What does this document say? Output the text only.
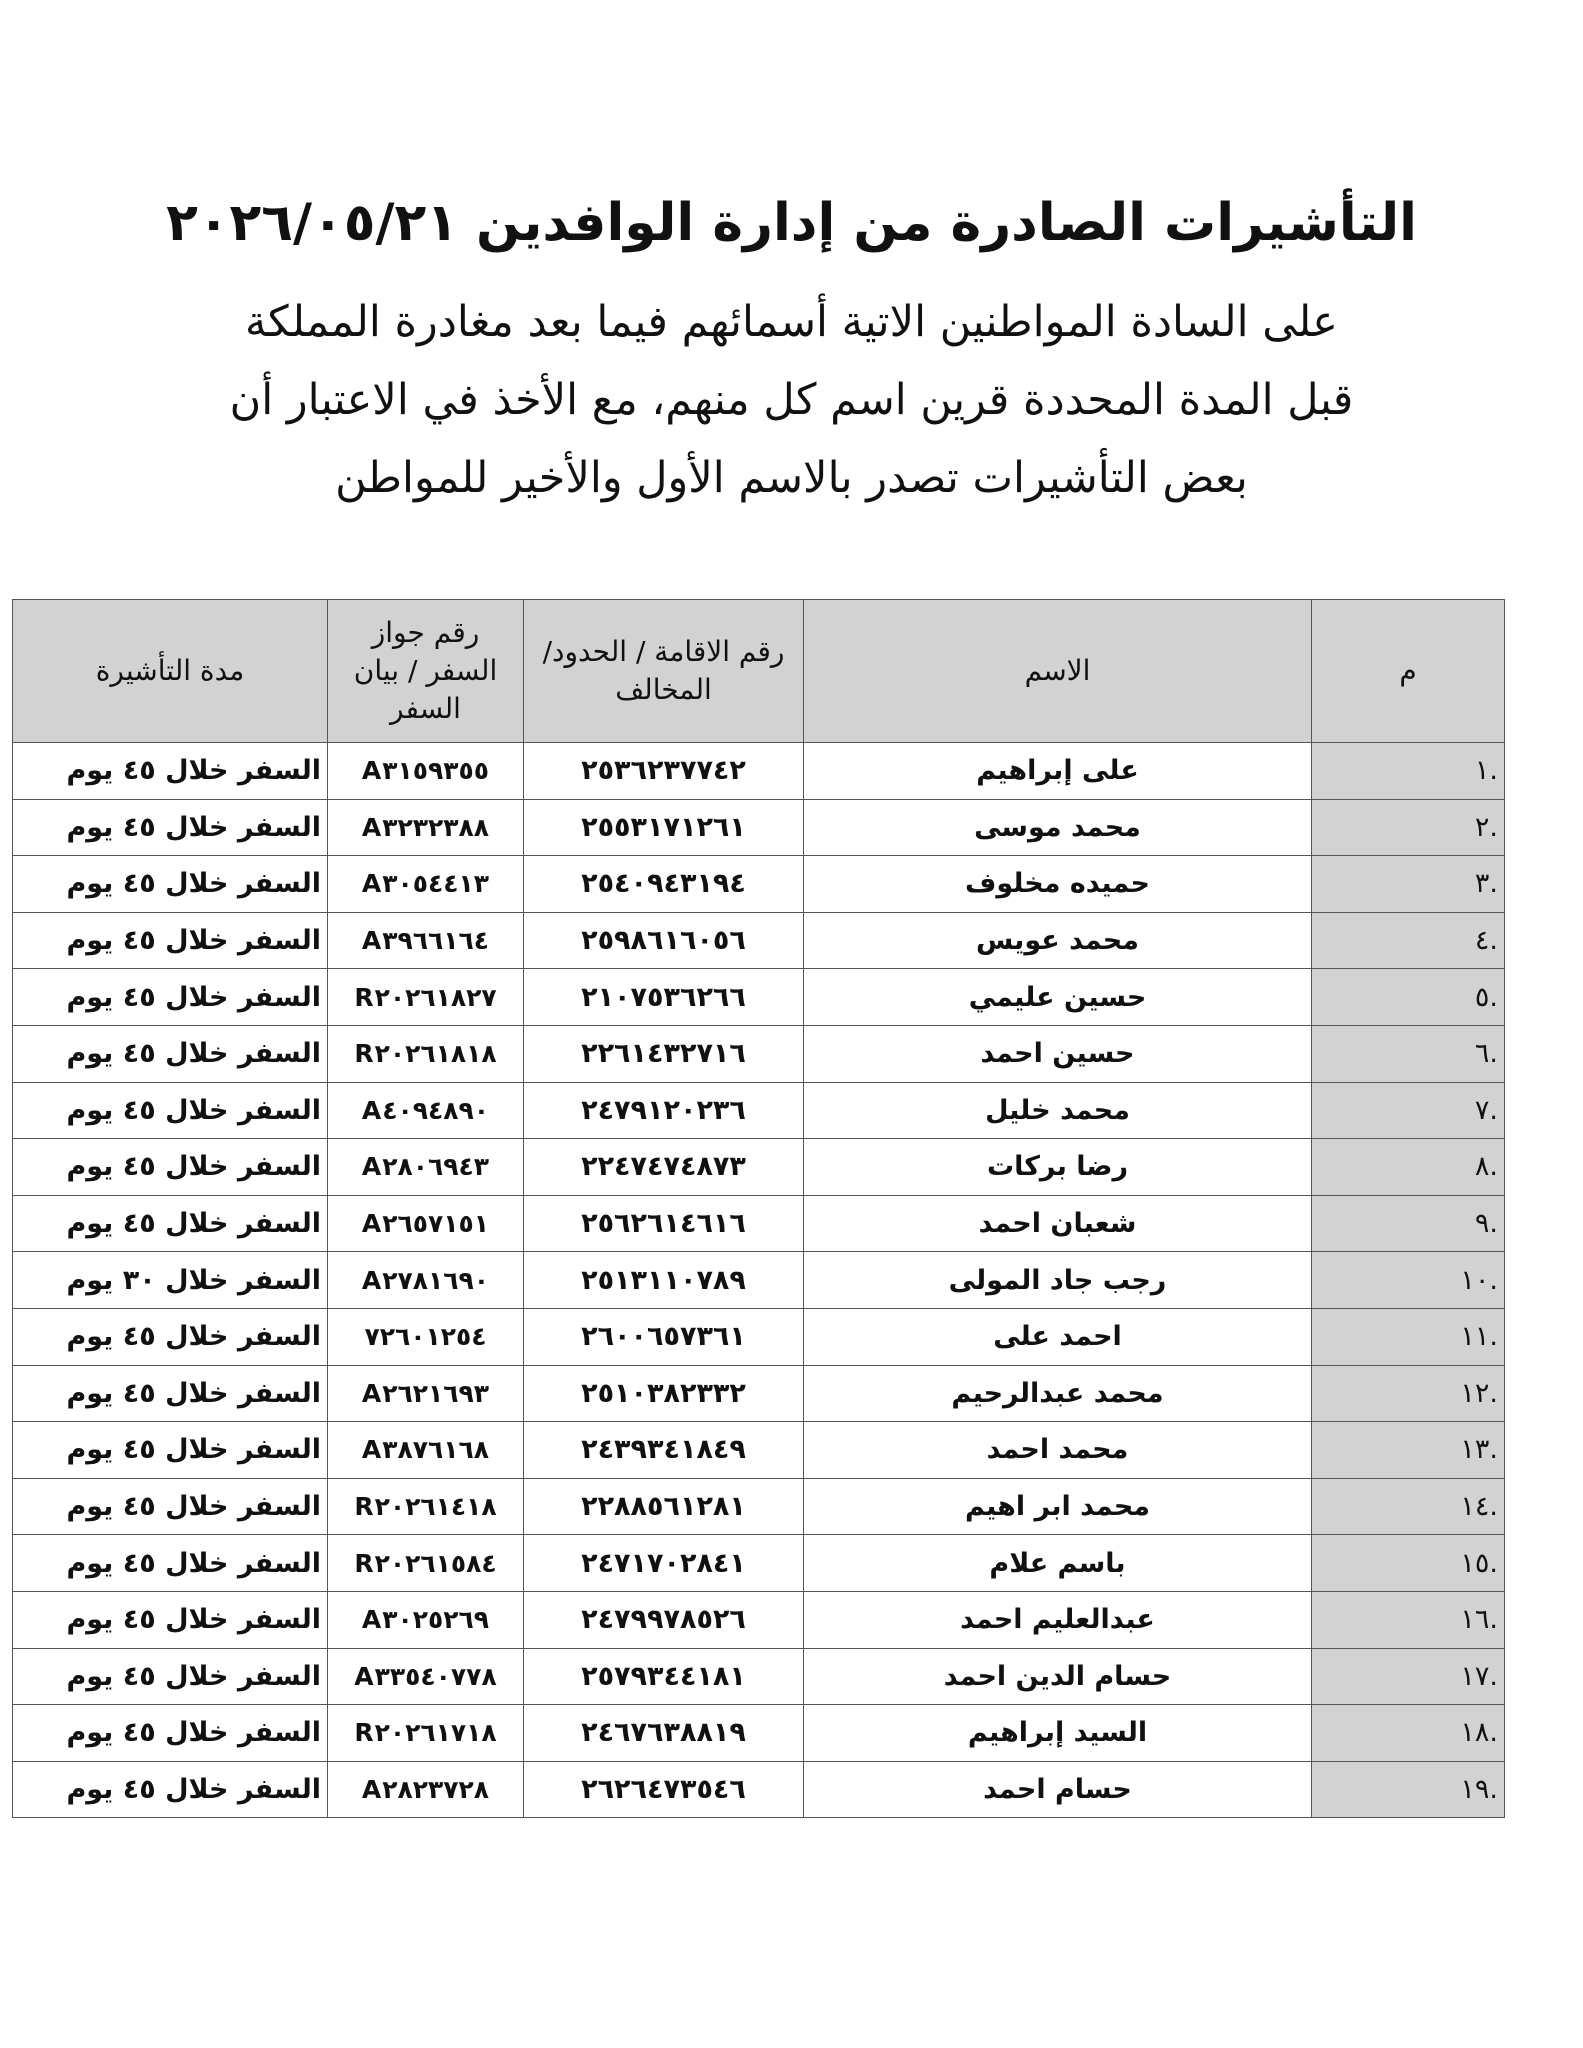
التأشيرات الصادرة من إدارة الوافدين ٢٠٢٦/٠٥/٢١
على السادة المواطنين الاتية أسمائهم فيما بعد مغادرة المملكة
قبل المدة المحددة قرين اسم كل منهم، مع الأخذ في الاعتبار أن
بعض التأشيرات تصدر بالاسم الأول والأخير للمواطن
م	الاسم	رقم الاقامة / الحدود/ المخالف	رقم جواز السفر / بيان السفر	مدة التأشيرة
.١	على إبراهيم	٢٥٣٦٢٣٧٧٤٢	A٣١٥٩٣٥٥	السفر خلال ٤٥ يوم
.٢	محمد موسى	٢٥٥٣١٧١٢٦١	A٣٢٣٢٣٨٨	السفر خلال ٤٥ يوم
.٣	حميده مخلوف	٢٥٤٠٩٤٣١٩٤	A٣٠٥٤٤١٣	السفر خلال ٤٥ يوم
.٤	محمد عويس	٢٥٩٨٦١٦٠٥٦	A٣٩٦٦١٦٤	السفر خلال ٤٥ يوم
.٥	حسين عليمي	٢١٠٧٥٣٦٢٦٦	R٢٠٢٦١٨٢٧	السفر خلال ٤٥ يوم
.٦	حسين احمد	٢٢٦١٤٣٢٧١٦	R٢٠٢٦١٨١٨	السفر خلال ٤٥ يوم
.٧	محمد خليل	٢٤٧٩١٢٠٢٣٦	A٤٠٩٤٨٩٠	السفر خلال ٤٥ يوم
.٨	رضا بركات	٢٢٤٧٤٧٤٨٧٣	A٢٨٠٦٩٤٣	السفر خلال ٤٥ يوم
.٩	شعبان احمد	٢٥٦٢٦١٤٦١٦	A٢٦٥٧١٥١	السفر خلال ٤٥ يوم
.١٠	رجب جاد المولى	٢٥١٣١١٠٧٨٩	A٢٧٨١٦٩٠	السفر خلال ٣٠ يوم
.١١	احمد على	٢٦٠٠٦٥٧٣٦١	٧٢٦٠١٢٥٤	السفر خلال ٤٥ يوم
.١٢	محمد عبدالرحيم	٢٥١٠٣٨٢٣٣٢	A٢٦٢١٦٩٣	السفر خلال ٤٥ يوم
.١٣	محمد احمد	٢٤٣٩٣٤١٨٤٩	A٣٨٧٦١٦٨	السفر خلال ٤٥ يوم
.١٤	محمد ابر اهيم	٢٢٨٨٥٦١٢٨١	R٢٠٢٦١٤١٨	السفر خلال ٤٥ يوم
.١٥	باسم علام	٢٤٧١٧٠٢٨٤١	R٢٠٢٦١٥٨٤	السفر خلال ٤٥ يوم
.١٦	عبدالعليم احمد	٢٤٧٩٩٧٨٥٢٦	A٣٠٢٥٢٦٩	السفر خلال ٤٥ يوم
.١٧	حسام الدين احمد	٢٥٧٩٣٤٤١٨١	A٣٣٥٤٠٧٧٨	السفر خلال ٤٥ يوم
.١٨	السيد إبراهيم	٢٤٦٧٦٣٨٨١٩	R٢٠٢٦١٧١٨	السفر خلال ٤٥ يوم
.١٩	حسام احمد	٢٦٢٦٤٧٣٥٤٦	A٢٨٢٣٧٢٨	السفر خلال ٤٥ يوم
